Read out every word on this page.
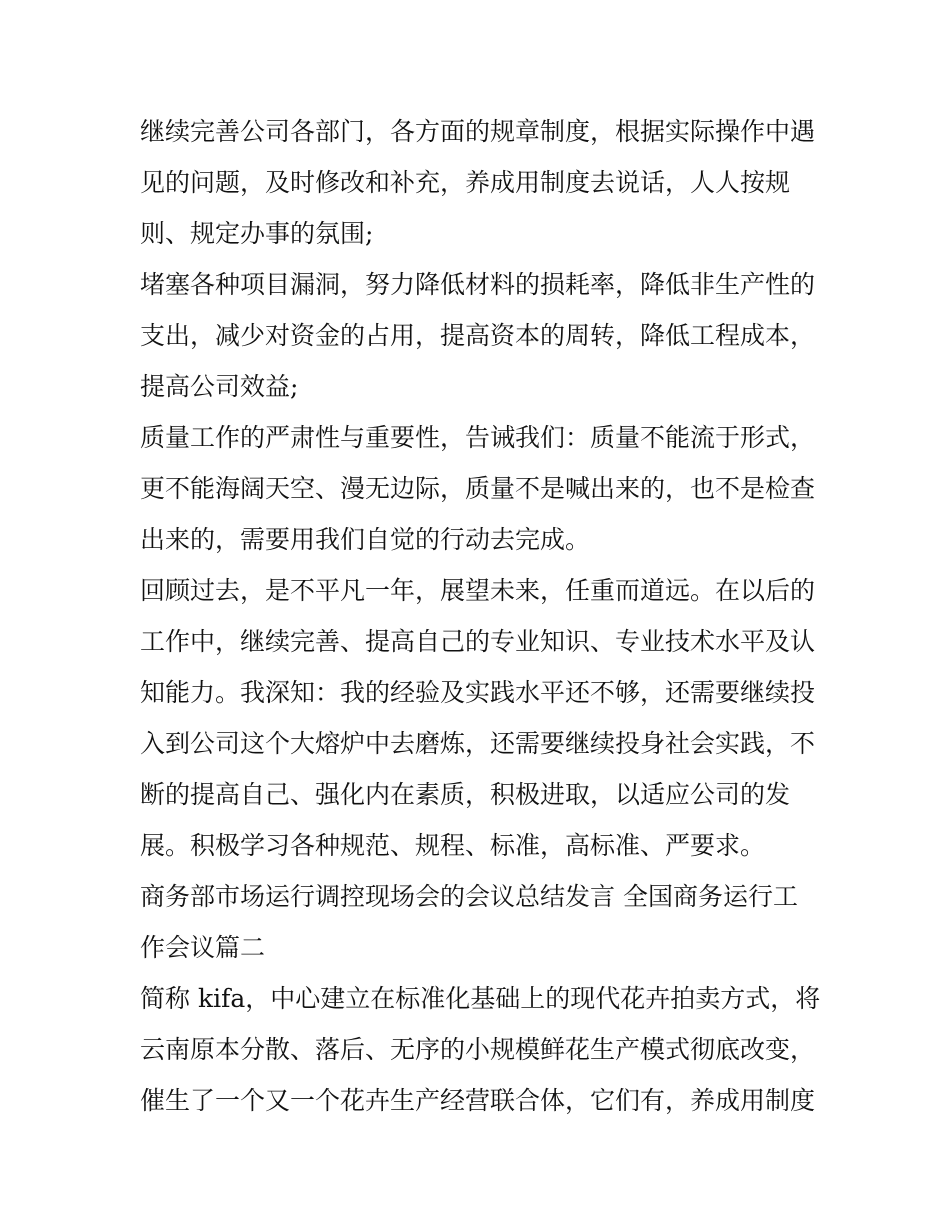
继续完善公司各部门，各方面的规章制度，根据实际操作中遇
见的问题，及时修改和补充，养成用制度去说话，人人按规
则、规定办事的氛围;
堵塞各种项目漏洞，努力降低材料的损耗率，降低非生产性的
支出，减少对资金的占用，提高资本的周转，降低工程成本，
提高公司效益;
质量工作的严肃性与重要性，告诫我们：质量不能流于形式，
更不能海阔天空、漫无边际，质量不是喊出来的，也不是检查
出来的，需要用我们自觉的行动去完成。
回顾过去，是不平凡一年，展望未来，任重而道远。在以后的
工作中，继续完善、提高自己的专业知识、专业技术水平及认
知能力。我深知：我的经验及实践水平还不够，还需要继续投
入到公司这个大熔炉中去磨炼，还需要继续投身社会实践，不
断的提高自己、强化内在素质，积极进取，以适应公司的发
展。积极学习各种规范、规程、标准，高标准、严要求。
商务部市场运行调控现场会的会议总结发言 全国商务运行工
作会议篇二
简称 kifa，中心建立在标准化基础上的现代花卉拍卖方式，将
云南原本分散、落后、无序的小规模鲜花生产模式彻底改变，
催生了一个又一个花卉生产经营联合体，它们有，养成用制度
